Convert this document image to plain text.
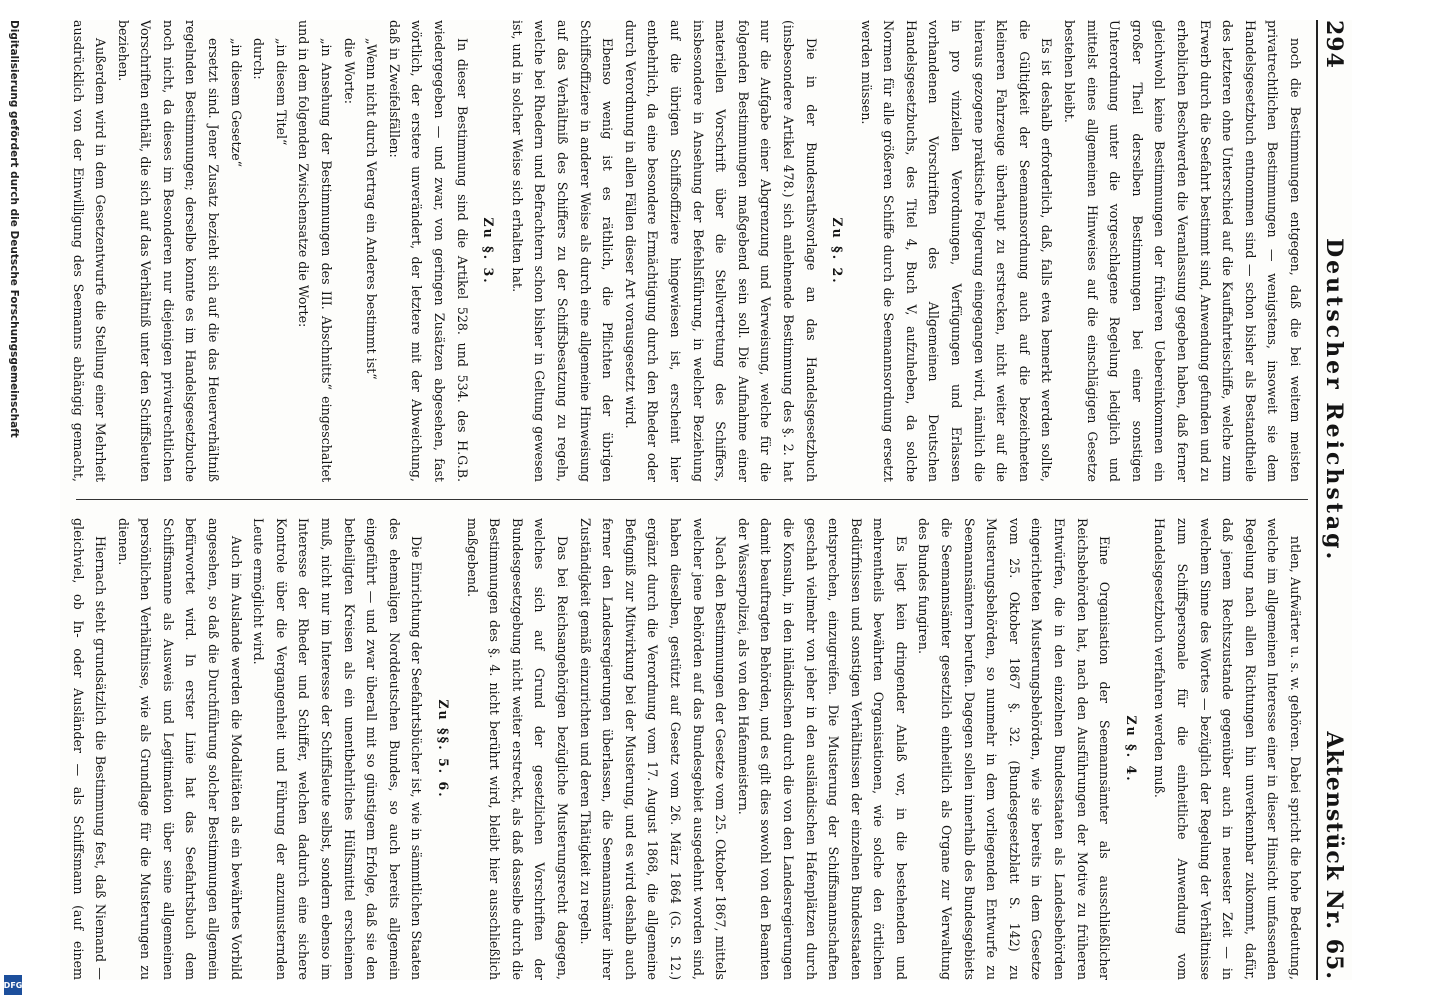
294
Deutscher Reichstag.
Aktenstück Nr. 65.

noch die Bestimmungen entgegen, daß die bei weitem meisten privatrechtlichen Bestimmungen — wenigstens, insoweit sie dem Handelsgesetzbuch entnommen sind — schon bisher als Bestandtheile des letzteren ohne Unterschied auf die Kauffahrteischiffe, welche zum Erwerb durch die Seefahrt bestimmt sind, Anwendung gefunden und zu erheblichen Beschwerden die Veranlassung gegeben haben, daß ferner gleichwohl keine Bestimmungen der früheren Uebereinkommen ein großer Theil derselben Bestimmungen bei einer sonstigen Unterordnung unter die vorgeschlagene Regelung lediglich und mittelst eines allgemeinen Hinweises auf die einschlägigen Gesetze bestehen bleibt.

Es ist deshalb erforderlich, daß, falls etwa bemerkt werden sollte, die Gültigkeit der Seemannsordnung auch auf die bezeichneten kleineren Fahrzeuge überhaupt zu erstrecken, nicht weiter auf die hieraus gezogene praktische Folgerung eingegangen wird, nämlich die in pro vinziellen Verordnungen, Verfügungen und Erlassen vorhandenen Vorschriften des Allgemeinen Deutschen Handelsgesetzbuchs, des Titel 4, Buch V, aufzuheben, da solche Normen für alle größeren Schiffe durch die Seemannsordnung ersetzt werden müssen.

Zu §. 2.

Die in der Bundesrathsvorlage an das Handelsgesetzbuch (insbesondere Artikel 478.) sich anlehnende Bestimmung des §. 2. hat nur die Aufgabe einer Abgrenzung und Verweisung, welche für die folgenden Bestimmungen maßgebend sein soll. Die Aufnahme einer materiellen Vorschrift über die Stellvertretung des Schiffers, insbesondere in Ansehung der Befehlsführung, in welcher Beziehung auf die übrigen Schiffsoffiziere hingewiesen ist, erscheint hier entbehrlich, da eine besondere Ermächtigung durch den Rheder oder durch Verordnung in allen Fällen dieser Art vorausgesetzt wird.

Ebenso wenig ist es räthlich, die Pflichten der übrigen Schiffsoffiziere in anderer Weise als durch eine allgemeine Hinweisung auf das Verhältniß des Schiffers zu der Schiffsbesatzung zu regeln, welche bei Rhedern und Befrachtern schon bisher in Geltung gewesen ist, und in solcher Weise sich erhalten hat.

Zu §. 3.

In dieser Bestimmung sind die Artikel 528. und 534. des H.G.B. wiedergegeben — und zwar, von geringen Zusätzen abgesehen, fast wörtlich, der erstere unverändert, der letztere mit der Abweichung, daß in Zweifelsfällen:

„Wenn nicht durch Vertrag ein Anderes bestimmt ist“

die Worte:

„in Ansehung der Bestimmungen des III. Abschnitts“ eingeschaltet und in dem folgenden Zwischensatze die Worte:

„in diesem Titel“

durch:

„in diesem Gesetze“

ersetzt sind. Jener Zusatz bezieht sich auf die das Heuerverhältniß regelnden Bestimmungen; derselbe konnte es im Handelsgesetzbuche noch nicht, da dieses im Besonderen nur diejenigen privatrechtlichen Vorschriften enthält, die sich auf das Verhältniß unter den Schiffsleuten beziehen.

Außerdem wird in dem Gesetzentwurfe die Stellung einer Mehrheit ausdrücklich von der Einwilligung des Seemanns abhängig gemacht,

ntlen, Aufwärter u. s. w. gehören. Dabei spricht die hohe Bedeutung, welche im allgemeinen Interesse einer in dieser Hinsicht umfassenden Regelung nach allen Richtungen hin unverkennbar zukommt, dafür, daß jenem Rechtszustande gegenüber auch in neuester Zeit — in welchem Sinne des Wortes — bezüglich der Regelung der Verhältnisse zum Schiffspersonale für die einheitliche Anwendung vom Handelsgesetzbuch verfahren werden muß.

Zu §. 4.

Eine Organisation der Seemannsämter als ausschließlicher Reichsbehörden hat, nach den Ausführungen der Motive zu früheren Entwürfen, die in den einzelnen Bundesstaaten als Landesbehörden eingerichteten Musterungsbehörden, wie sie bereits in dem Gesetze vom 25. Oktober 1867 §. 32. (Bundesgesetzblatt S. 142) zu Musterungsbehörden, so nunmehr in dem vorliegenden Entwurfe zu Seemannsämtern berufen. Dagegen sollen innerhalb des Bundesgebiets die Seemannsämter gesetzlich einheitlich als Organe zur Verwaltung des Bundes fungiren.

Es liegt kein dringender Anlaß vor, in die bestehenden und mehrentheils bewährten Organisationen, wie solche den örtlichen Bedürfnissen und sonstigen Verhältnissen der einzelnen Bundesstaaten entsprechen, einzugreifen. Die Musterung der Schiffsmannschaften geschah vielmehr von jeher in den ausländischen Hafenplätzen durch die Konsuln, in den inländischen durch die von den Landesregierungen damit beauftragten Behörden, und es gilt dies sowohl von den Beamten der Wasserpolizei, als von den Hafenmeistern.

Nach den Bestimmungen der Gesetze vom 25. Oktober 1867, mittels welcher jene Behörden auf das Bundesgebiet ausgedehnt worden sind, haben dieselben, gestützt auf Gesetz vom 26. März 1864 (G. S. 12.) ergänzt durch die Verordnung vom 17. August 1868, die allgemeine Befugniß zur Mitwirkung bei der Musterung, und es wird deshalb auch ferner den Landesregierungen überlassen, die Seemannsämter ihrer Zuständigkeit gemäß einzurichten und deren Thätigkeit zu regeln.

Das bei Reichsangehörigen bezügliche Musterungsrecht dagegen, welches sich auf Grund der gesetzlichen Vorschriften der Bundesgesetzgebung nicht weiter erstreckt, als daß dasselbe durch die Bestimmungen des §. 4. nicht berührt wird, bleibt hier ausschließlich maßgebend.

Zu §§. 5. 6.

Die Einrichtung der Seefahrtsbücher ist, wie in sämmtlichen Staaten des ehemaligen Norddeutschen Bundes, so auch bereits allgemein eingeführt — und zwar überall mit so günstigem Erfolge, daß sie den betheiligten Kreisen als ein unentbehrliches Hülfsmittel erscheinen muß, nicht nur im Interesse der Schiffsleute selbst, sondern ebenso im Interesse der Rheder und Schiffer, welchen dadurch eine sichere Kontrole über die Vergangenheit und Führung der anzumusternden Leute ermöglicht wird.

Auch im Auslande werden die Modalitäten als ein bewährtes Vorbild angesehen, so daß die Durchführung solcher Bestimmungen allgemein befürwortet wird. In erster Linie hat das Seefahrtsbuch dem Schiffsmanne als Ausweis und Legitimation über seine allgemeinen persönlichen Verhältnisse, wie als Grundlage für die Musterungen zu dienen.

Hiernach steht grundsätzlich die Bestimmung fest, daß Niemand — gleichviel, ob In- oder Ausländer — als Schiffsmann (auf einem

Digitalisierung gefördert durch die Deutsche Forschungsgemeinschaft
DFG
